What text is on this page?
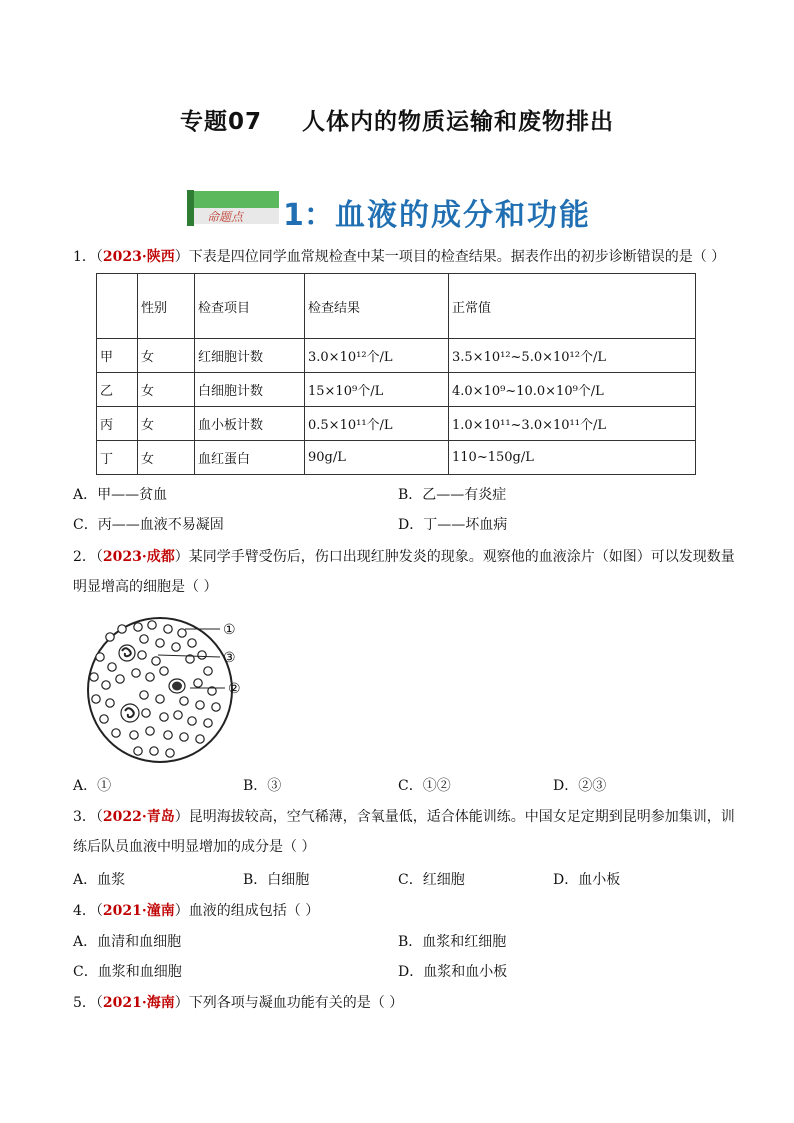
专题07 人体内的物质运输和废物排出
命题点 1： 血液的成分和功能
1．（2023·陕西）下表是四位同学血常规检查中某一项目的检查结果。据表作出的初步诊断错误的是（ ）
	性别	检查项目	检查结果	正常值
甲	女	红细胞计数	3.0×10¹²个/L	3.5×10¹²~5.0×10¹²个/L
乙	女	白细胞计数	15×10⁹个/L	4.0×10⁹~10.0×10⁹个/L
丙	女	血小板计数	0.5×10¹¹个/L	1.0×10¹¹~3.0×10¹¹个/L
丁	女	血红蛋白	90g/L	110~150g/L
A．甲——贫血	B．乙——有炎症
C．丙——血液不易凝固	D．丁——坏血病
2．（2023·成都）某同学手臂受伤后，伤口出现红肿发炎的现象。观察他的血液涂片（如图）可以发现数量
明显增高的细胞是（ ）
①
③
②
A．①	B．③	C．①②	D．②③
3．（2022·青岛）昆明海拔较高，空气稀薄，含氧量低，适合体能训练。中国女足定期到昆明参加集训，训
练后队员血液中明显增加的成分是（ ）
A．血浆	B．白细胞	C．红细胞	D．血小板
4．（2021·潼南）血液的组成包括（ ）
A．血清和血细胞	B．血浆和红细胞
C．血浆和血细胞	D．血浆和血小板
5．（2021·海南）下列各项与凝血功能有关的是（ ）
